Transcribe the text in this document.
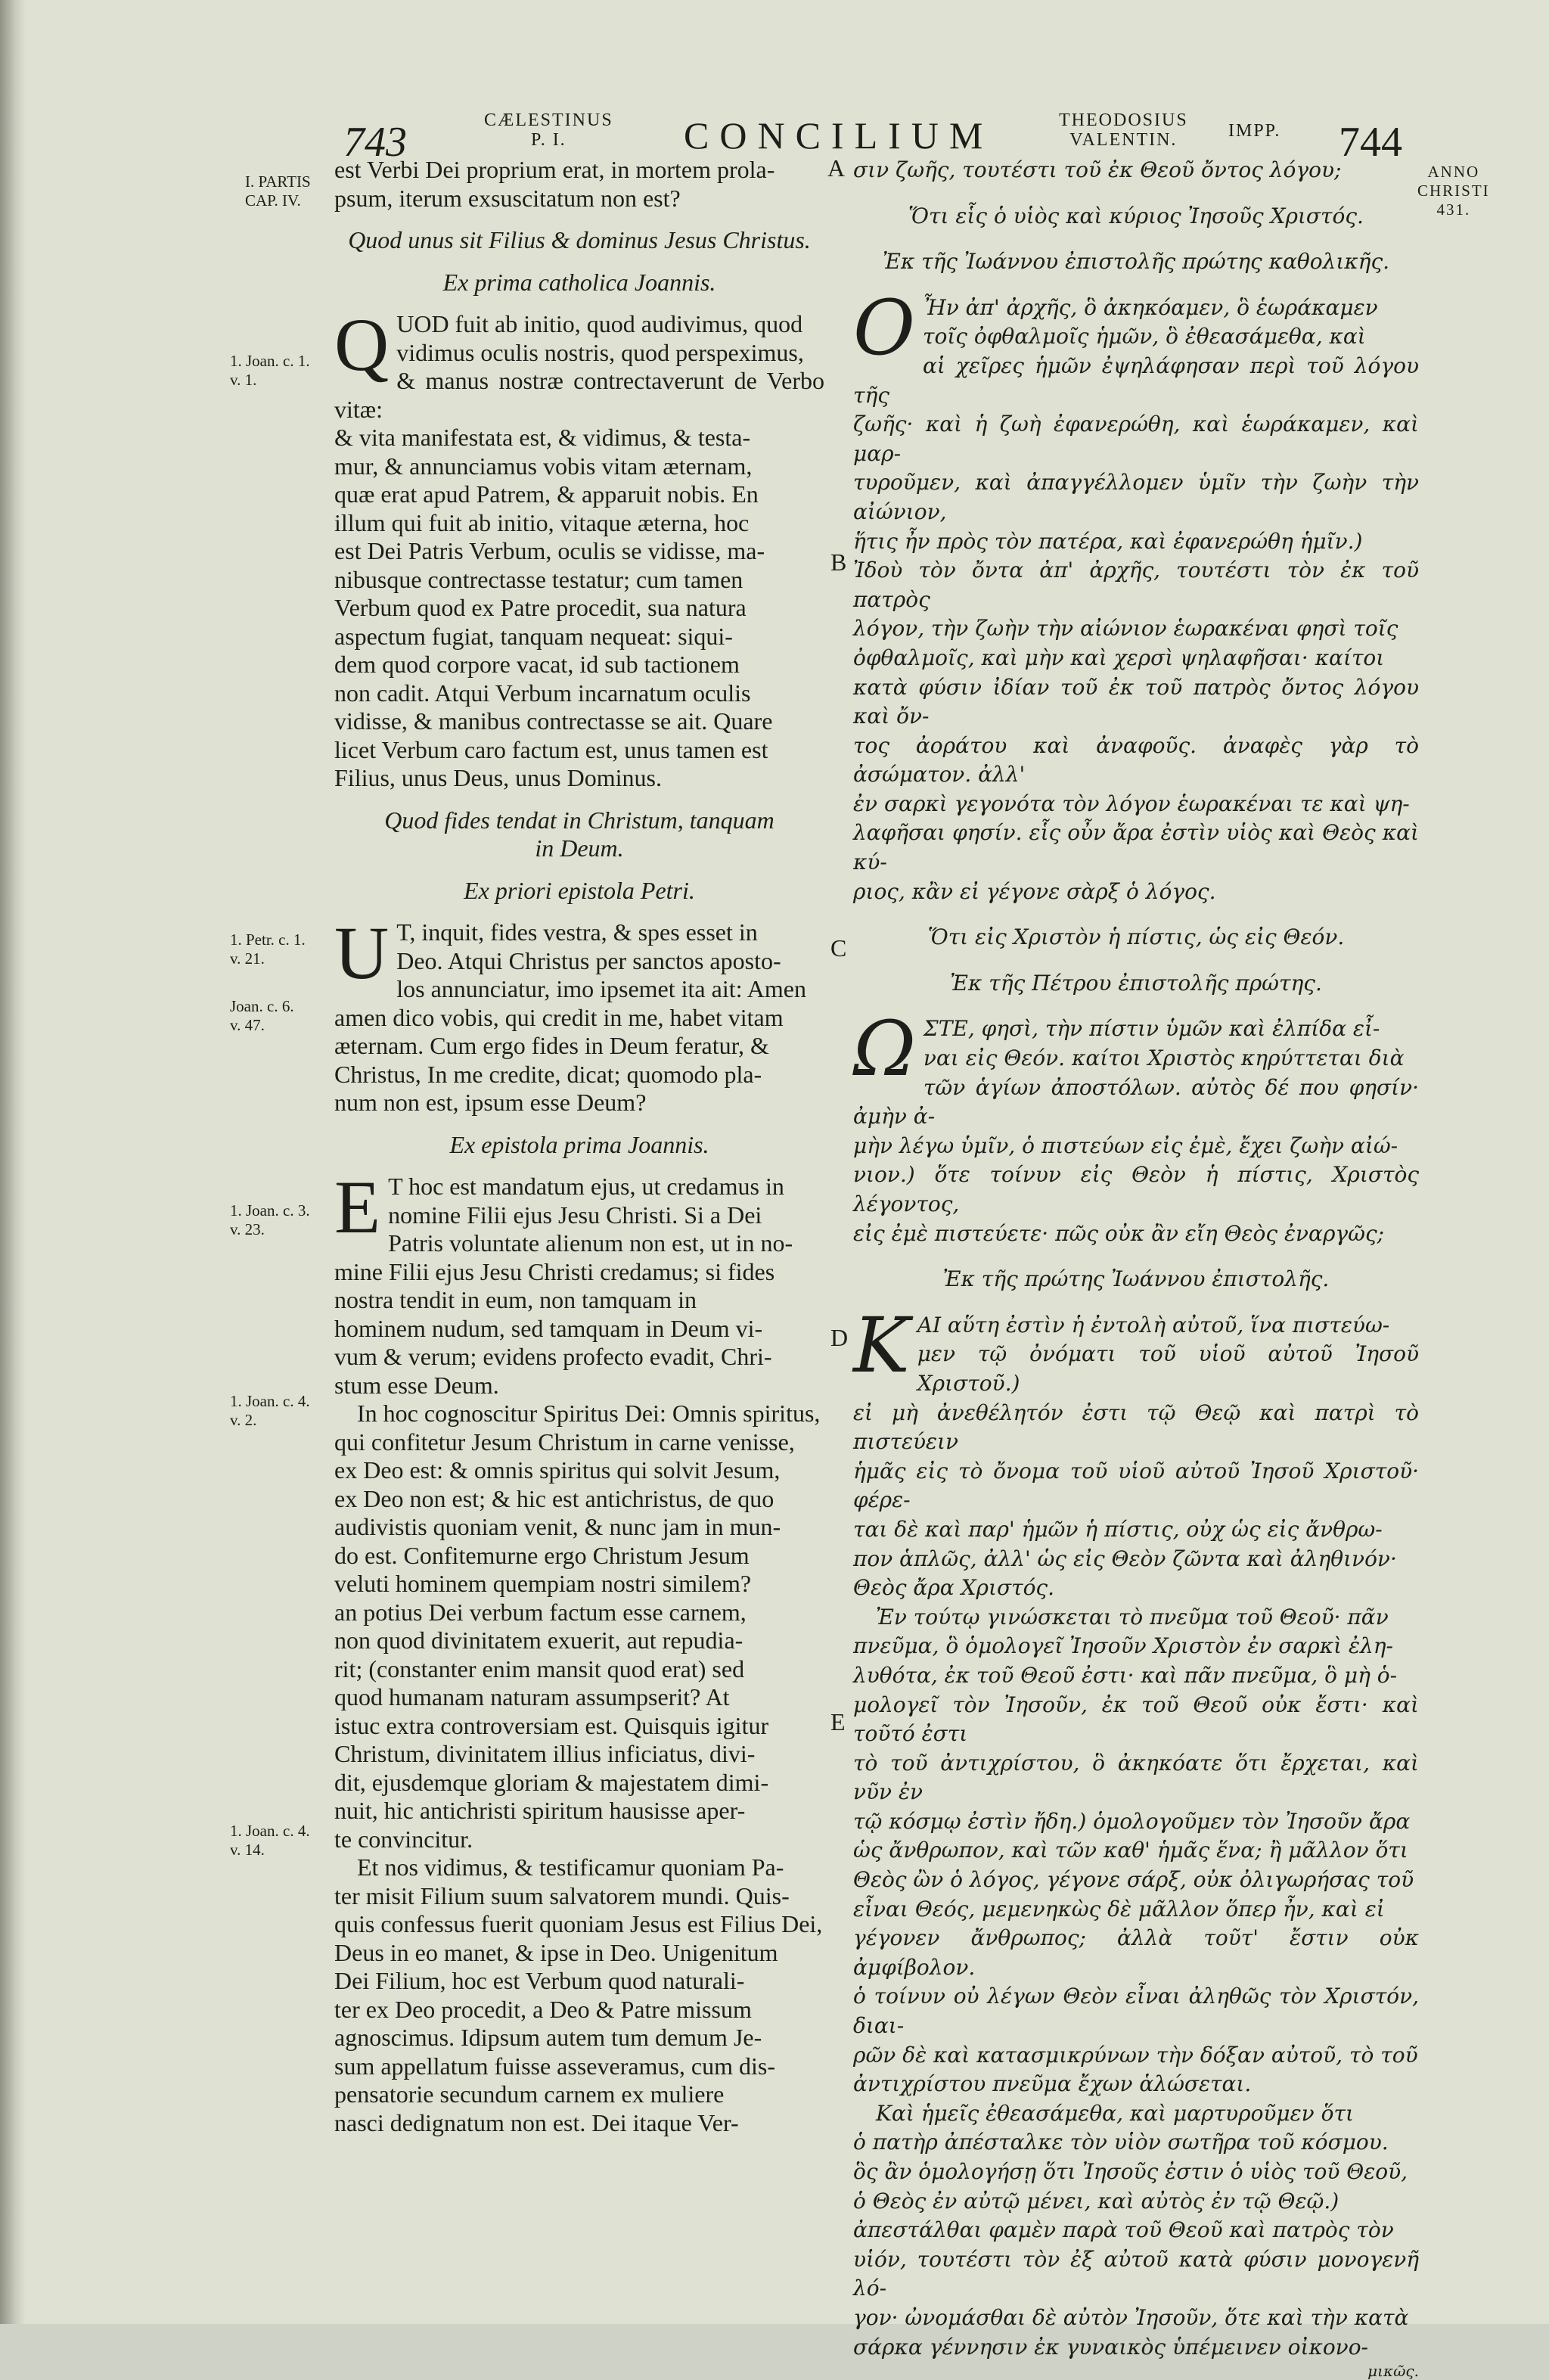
743	CÆLESTINUS
P. I.	CONCILIUM	THEODOSIUS
VALENTIN.	IMPP. 744
ANNO
CHRISTI
431.
I. PARTIS
CAP. IV.
1. Joan. c. 1.
v. 1.
1. Petr. c. 1.
v. 21.
Joan. c. 6.
v. 47.
1. Joan. c. 3.
v. 23.
1. Joan. c. 4.
v. 2.
1. Joan. c. 4.
v. 14.
A
B
C
D
E

est Verbi Dei proprium erat, in mortem prola-
psum, iterum exsuscitatum non est?

Quod unus sit Filius & dominus Jesus Christus.
Ex prima catholica Joannis.

QUOD fuit ab initio, quod audivimus, quod
vidimus oculis nostris, quod perspeximus,
& manus nostræ contrectaverunt de Verbo vitæ:
& vita manifestata est, & vidimus, & testa-
mur, & annunciamus vobis vitam æternam,
quæ erat apud Patrem, & apparuit nobis. En
illum qui fuit ab initio, vitaque æterna, hoc
est Dei Patris Verbum, oculis se vidisse, ma-
nibusque contrectasse testatur; cum tamen
Verbum quod ex Patre procedit, sua natura
aspectum fugiat, tanquam nequeat: siqui-
dem quod corpore vacat, id sub tactionem
non cadit. Atqui Verbum incarnatum oculis
vidisse, & manibus contrectasse se ait. Quare
licet Verbum caro factum est, unus tamen est
Filius, unus Deus, unus Dominus.

Quod fides tendat in Christum, tanquam
in Deum.
Ex priori epistola Petri.

U T, inquit, fides vestra, & spes esset in
Deo. Atqui Christus per sanctos aposto-
los annunciatur, imo ipsemet ita ait: Amen
amen dico vobis, qui credit in me, habet vitam
æternam. Cum ergo fides in Deum feratur, &
Christus, In me credite, dicat; quomodo pla-
num non est, ipsum esse Deum?

Ex epistola prima Joannis.

E T hoc est mandatum ejus, ut credamus in
nomine Filii ejus Jesu Christi. Si a Dei
Patris voluntate alienum non est, ut in no-
mine Filii ejus Jesu Christi credamus; si fides
nostra tendit in eum, non tamquam in
hominem nudum, sed tamquam in Deum vi-
vum & verum; evidens profecto evadit, Chri-
stum esse Deum.

In hoc cognoscitur Spiritus Dei: Omnis spiritus,
qui confitetur Jesum Christum in carne venisse,
ex Deo est: & omnis spiritus qui solvit Jesum,
ex Deo non est; & hic est antichristus, de quo
audivistis quoniam venit, & nunc jam in mun-
do est. Confitemurne ergo Christum Jesum
veluti hominem quempiam nostri similem?
an potius Dei verbum factum esse carnem,
non quod divinitatem exuerit, aut repudia-
rit; (constanter enim mansit quod erat) sed
quod humanam naturam assumpserit? At
istuc extra controversiam est. Quisquis igitur
Christum, divinitatem illius inficiatus, divi-
dit, ejusdemque gloriam & majestatem dimi-
nuit, hic antichristi spiritum hausisse aper-
te convincitur.

Et nos vidimus, & testificamur quoniam Pa-
ter misit Filium suum salvatorem mundi. Quis-
quis confessus fuerit quoniam Jesus est Filius Dei,
Deus in eo manet, & ipse in Deo. Unigenitum
Dei Filium, hoc est Verbum quod naturali-
ter ex Deo procedit, a Deo & Patre missum
agnoscimus. Idipsum autem tum demum Je-
sum appellatum fuisse asseveramus, cum dis-
pensatorie secundum carnem ex muliere
nasci dedignatum non est. Dei itaque Ver-

σιν ζωῆς, τουτέστι τοῦ ἐκ Θεοῦ ὄντος λόγου;

Ὅτι εἷς ὁ υἱὸς καὶ κύριος Ἰησοῦς Χριστός.
Ἐκ τῆς Ἰωάννου ἐπιστολῆς πρώτης καθολικῆς.

Ο Ἦν ἀπ' ἀρχῆς, ὃ ἀκηκόαμεν, ὃ ἑωράκαμεν
τοῖς ὀφθαλμοῖς ἡμῶν, ὃ ἐθεασάμεθα, καὶ
αἱ χεῖρες ἡμῶν ἐψηλάφησαν περὶ τοῦ λόγου τῆς
ζωῆς· καὶ ἡ ζωὴ ἐφανερώθη, καὶ ἑωράκαμεν, καὶ μαρ-
τυροῦμεν, καὶ ἀπαγγέλλομεν ὑμῖν τὴν ζωὴν τὴν αἰώνιον,
ἥτις ἦν πρὸς τὸν πατέρα, καὶ ἐφανερώθη ἡμῖν.)
Ἰδοὺ τὸν ὄντα ἀπ' ἀρχῆς, τουτέστι τὸν ἐκ τοῦ πατρὸς
λόγον, τὴν ζωὴν τὴν αἰώνιον ἑωρακέναι φησὶ τοῖς
ὀφθαλμοῖς, καὶ μὴν καὶ χερσὶ ψηλαφῆσαι· καίτοι
κατὰ φύσιν ἰδίαν τοῦ ἐκ τοῦ πατρὸς ὄντος λόγου καὶ ὄν-
τος ἀοράτου καὶ ἀναφοῦς. ἀναφὲς γὰρ τὸ ἀσώματον. ἀλλ'
ἐν σαρκὶ γεγονότα τὸν λόγον ἑωρακέναι τε καὶ ψη-
λαφῆσαι φησίν. εἷς οὖν ἄρα ἐστὶν υἱὸς καὶ Θεὸς καὶ κύ-
ριος, κἂν εἰ γέγονε σὰρξ ὁ λόγος.

Ὅτι εἰς Χριστὸν ἡ πίστις, ὡς εἰς Θεόν.
Ἐκ τῆς Πέτρου ἐπιστολῆς πρώτης.

ΩΣΤΕ, φησὶ, τὴν πίστιν ὑμῶν καὶ ἐλπίδα εἶ-
ναι εἰς Θεόν. καίτοι Χριστὸς κηρύττεται διὰ
τῶν ἁγίων ἀποστόλων. αὐτὸς δέ που φησίν· ἀμὴν ἀ-
μὴν λέγω ὑμῖν, ὁ πιστεύων εἰς ἐμὲ, ἔχει ζωὴν αἰώ-
νιον.) ὅτε τοίνυν εἰς Θεὸν ἡ πίστις, Χριστὸς λέγοντος,
εἰς ἐμὲ πιστεύετε· πῶς οὐκ ἂν εἴη Θεὸς ἐναργῶς;

Ἐκ τῆς πρώτης Ἰωάννου ἐπιστολῆς.

ΚΑΙ αὕτη ἐστὶν ἡ ἐντολὴ αὐτοῦ, ἵνα πιστεύω-
μεν τῷ ὀνόματι τοῦ υἱοῦ αὐτοῦ Ἰησοῦ Χριστοῦ.)
εἰ μὴ ἀνεθέλητόν ἐστι τῷ Θεῷ καὶ πατρὶ τὸ πιστεύειν
ἡμᾶς εἰς τὸ ὄνομα τοῦ υἱοῦ αὐτοῦ Ἰησοῦ Χριστοῦ· φέρε-
ται δὲ καὶ παρ' ἡμῶν ἡ πίστις, οὐχ ὡς εἰς ἄνθρω-
πον ἁπλῶς, ἀλλ' ὡς εἰς Θεὸν ζῶντα καὶ ἀληθινόν·
Θεὸς ἄρα Χριστός.

Ἐν τούτῳ γινώσκεται τὸ πνεῦμα τοῦ Θεοῦ· πᾶν
πνεῦμα, ὃ ὁμολογεῖ Ἰησοῦν Χριστὸν ἐν σαρκὶ ἐλη-
λυθότα, ἐκ τοῦ Θεοῦ ἐστι· καὶ πᾶν πνεῦμα, ὃ μὴ ὁ-
μολογεῖ τὸν Ἰησοῦν, ἐκ τοῦ Θεοῦ οὐκ ἔστι· καὶ τοῦτό ἐστι
τὸ τοῦ ἀντιχρίστου, ὃ ἀκηκόατε ὅτι ἔρχεται, καὶ νῦν ἐν
τῷ κόσμῳ ἐστὶν ἤδη.) ὁμολογοῦμεν τὸν Ἰησοῦν ἄρα
ὡς ἄνθρωπον, καὶ τῶν καθ' ἡμᾶς ἕνα; ἢ μᾶλλον ὅτι
Θεὸς ὢν ὁ λόγος, γέγονε σάρξ, οὐκ ὀλιγωρήσας τοῦ
εἶναι Θεός, μεμενηκὼς δὲ μᾶλλον ὅπερ ἦν, καὶ εἰ
γέγονεν ἄνθρωπος; ἀλλὰ τοῦτ' ἔστιν οὐκ ἀμφίβολον.
ὁ τοίνυν οὐ λέγων Θεὸν εἶναι ἀληθῶς τὸν Χριστόν, διαι-
ρῶν δὲ καὶ κατασμικρύνων τὴν δόξαν αὐτοῦ, τὸ τοῦ
ἀντιχρίστου πνεῦμα ἔχων ἁλώσεται.

Καὶ ἡμεῖς ἐθεασάμεθα, καὶ μαρτυροῦμεν ὅτι
ὁ πατὴρ ἀπέσταλκε τὸν υἱὸν σωτῆρα τοῦ κόσμου.
ὃς ἂν ὁμολογήσῃ ὅτι Ἰησοῦς ἐστιν ὁ υἱὸς τοῦ Θεοῦ,
ὁ Θεὸς ἐν αὐτῷ μένει, καὶ αὐτὸς ἐν τῷ Θεῷ.)
ἀπεστάλθαι φαμὲν παρὰ τοῦ Θεοῦ καὶ πατρὸς τὸν
υἱόν, τουτέστι τὸν ἐξ αὐτοῦ κατὰ φύσιν μονογενῆ λό-
γον· ὠνομάσθαι δὲ αὐτὸν Ἰησοῦν, ὅτε καὶ τὴν κατὰ
σάρκα γέννησιν ἐκ γυναικὸς ὑπέμεινεν οἰκονο-

μικῶς.
